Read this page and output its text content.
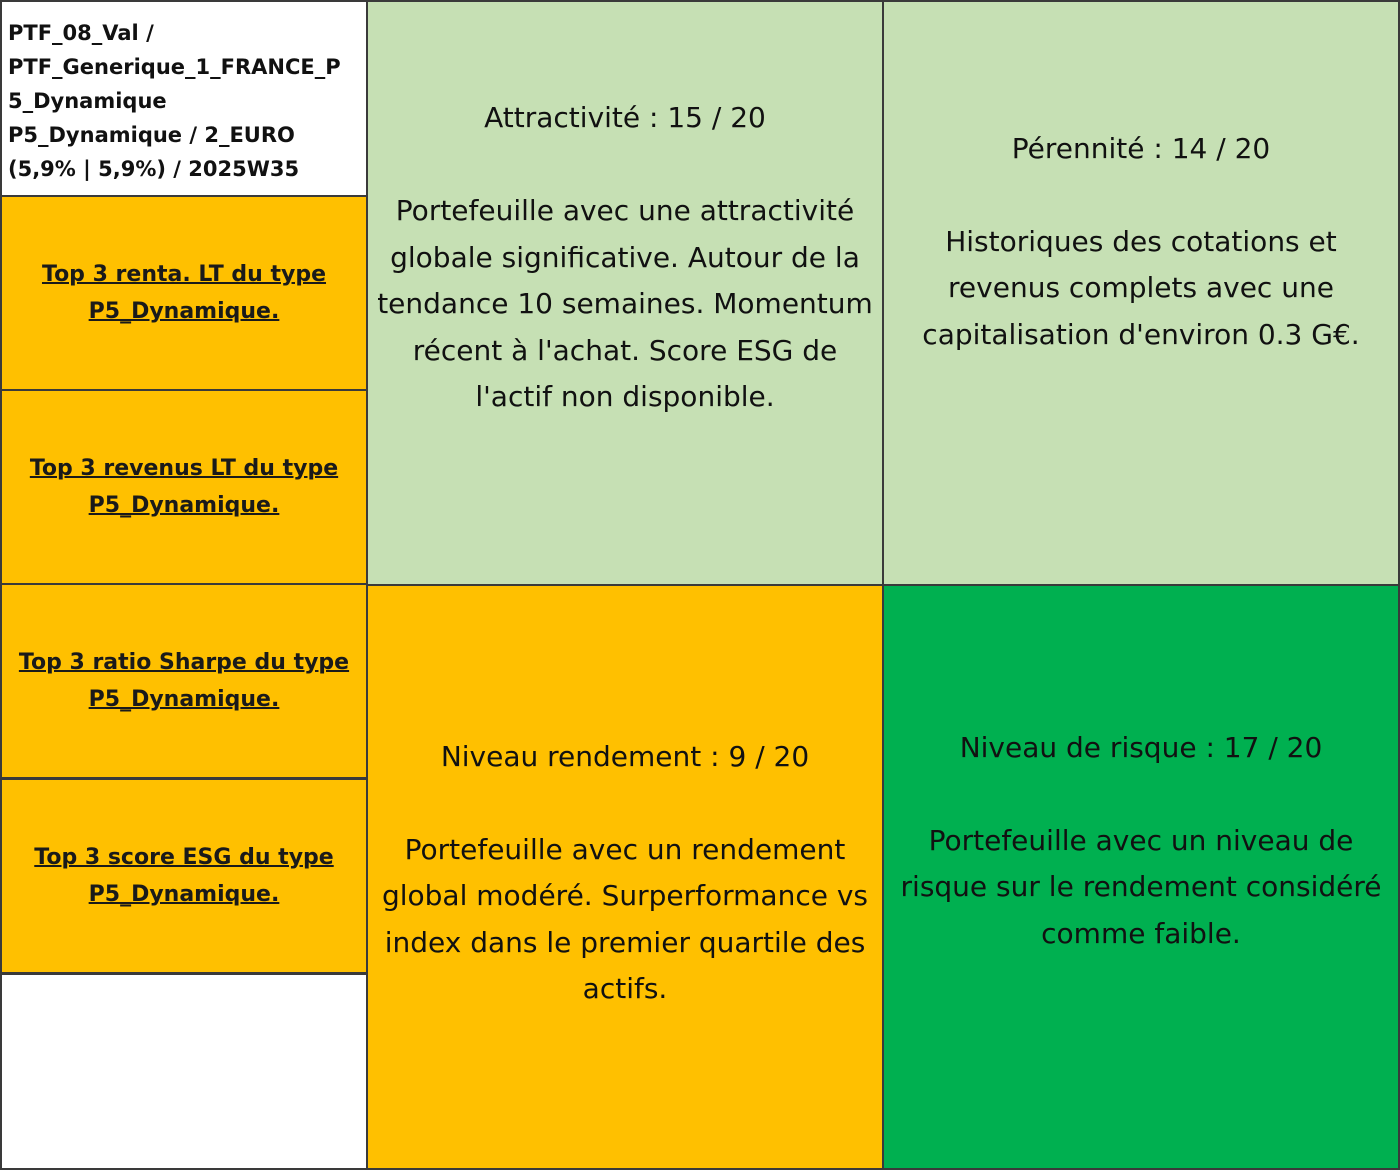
PTF_08_Val /
PTF_Generique_1_FRANCE_P
5_Dynamique
P5_Dynamique / 2_EURO
(5,9% | 5,9%) / 2025W35
Top 3 renta. LT du type
P5_Dynamique.
Top 3 revenus LT du type
P5_Dynamique.
Top 3 ratio Sharpe du type
P5_Dynamique.
Top 3 score ESG du type
P5_Dynamique.
Attractivité : 15 / 20

Portefeuille avec une attractivité globale significative. Autour de la tendance 10 semaines. Momentum récent à l'achat. Score ESG de l'actif non disponible.
Pérennité : 14 / 20

Historiques des cotations et revenus complets avec une capitalisation d'environ 0.3 G€.
Niveau rendement : 9 / 20

Portefeuille avec un rendement global modéré. Surperformance vs index dans le premier quartile des actifs.
Niveau de risque : 17 / 20

Portefeuille avec un niveau de risque sur le rendement considéré comme faible.
